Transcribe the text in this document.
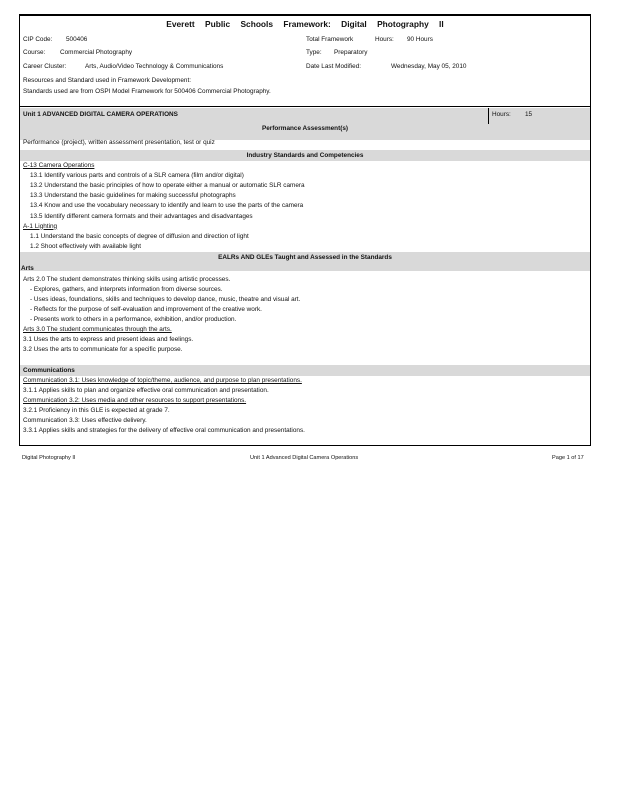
Everett Public Schools Framework: Digital Photography II
CIP Code: 500406	Total Framework	Hours: 90 Hours
Course: Commercial Photography	Type: Preparatory
Career Cluster:	Arts, Audio/Video Technology & Communications	Date Last Modified:	Wednesday, May 05, 2010
Resources and Standard used in Framework Development:
Standards used are from OSPI Model Framework for 500406 Commercial Photography.
Unit 1 ADVANCED DIGITAL CAMERA OPERATIONS	Hours: 15
Performance Assessment(s)
Performance (project), written assessment presentation, test or quiz
Industry Standards and Competencies
C-13 Camera Operations
13.1 Identify various parts and controls of a SLR camera (film and/or digital)
13.2 Understand the basic principles of how to operate either a manual or automatic SLR camera
13.3 Understand the basic guidelines for making successful photographs
13.4 Know and use the vocabulary necessary to identify and learn to use the parts of the camera
13.5 Identify different camera formats and their advantages and disadvantages
A-1 Lighting
1.1 Understand the basic concepts of degree of diffusion and direction of light
1.2 Shoot effectively with available light
EALRs AND GLEs Taught and Assessed in the Standards
Arts
Arts 2.0 The student demonstrates thinking skills using artistic processes.
- Explores, gathers, and interprets information from diverse sources.
- Uses ideas, foundations, skills and techniques to develop dance, music, theatre and visual art.
- Reflects for the purpose of self-evaluation and improvement of the creative work.
- Presents work to others in a performance, exhibition, and/or production.
Arts 3.0 The student communicates through the arts.
3.1 Uses the arts to express and present ideas and feelings.
3.2 Uses the arts to communicate for a specific purpose.
Communications
Communication 3.1: Uses knowledge of topic/theme, audience, and purpose to plan presentations.
3.1.1 Applies skills to plan and organize effective oral communication and presentation.
Communication 3.2: Uses media and other resources to support presentations.
3.2.1 Proficiency in this GLE is expected at grade 7.
Communication 3.3: Uses effective delivery.
3.3.1 Applies skills and strategies for the delivery of effective oral communication and presentations.
Digital Photography II	Unit 1 Advanced Digital Camera Operations	Page 1 of 17
